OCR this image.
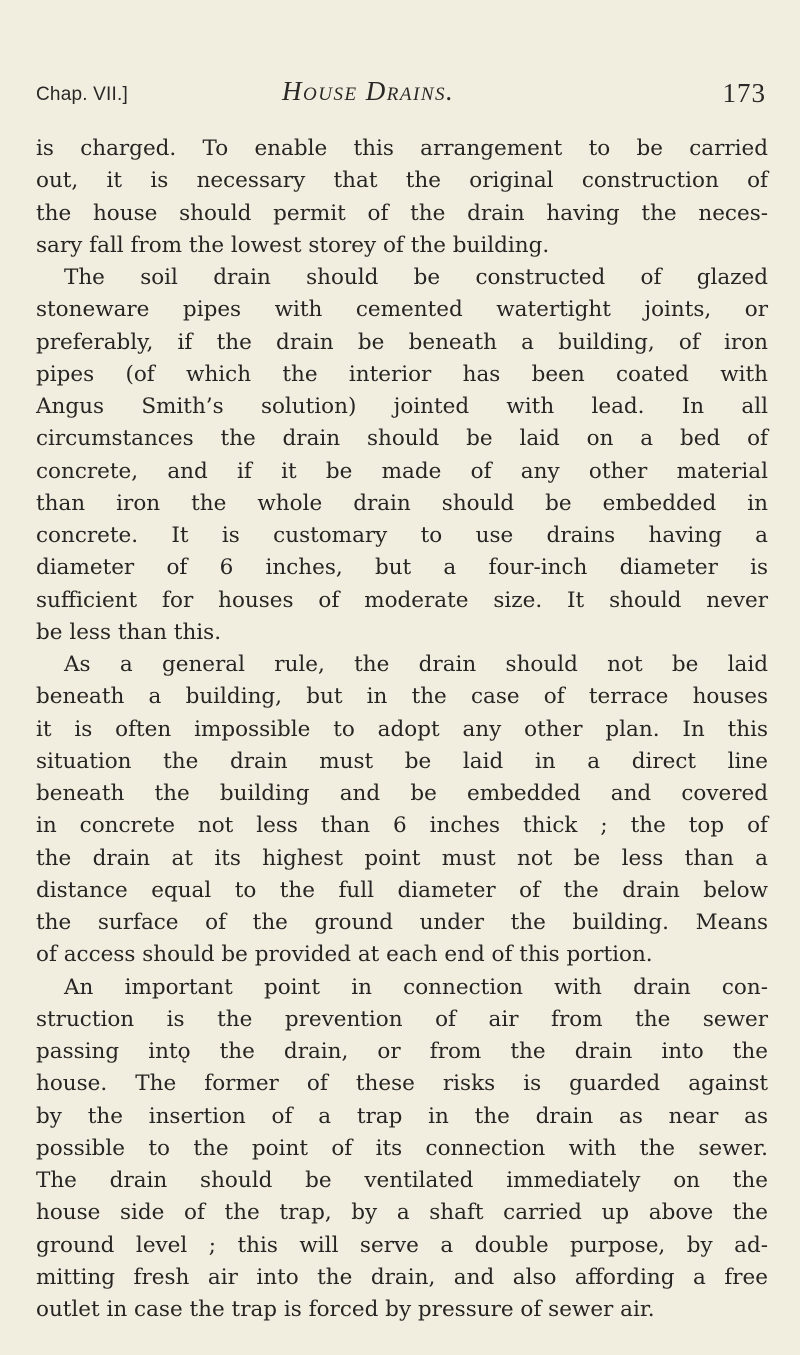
Chap. VII.]	House Drains.	173
is charged. To enable this arrangement to be carried
out, it is necessary that the original construction of
the house should permit of the drain having the neces-
sary fall from the lowest storey of the building.
The soil drain should be constructed of glazed
stoneware pipes with cemented watertight joints, or
preferably, if the drain be beneath a building, of iron
pipes (of which the interior has been coated with
Angus Smith’s solution) jointed with lead. In all
circumstances the drain should be laid on a bed of
concrete, and if it be made of any other material
than iron the whole drain should be embedded in
concrete. It is customary to use drains having a
diameter of 6 inches, but a four-inch diameter is
sufficient for houses of moderate size. It should never
be less than this.
As a general rule, the drain should not be laid
beneath a building, but in the case of terrace houses
it is often impossible to adopt any other plan. In this
situation the drain must be laid in a direct line
beneath the building and be embedded and covered
in concrete not less than 6 inches thick ; the top of
the drain at its highest point must not be less than a
distance equal to the full diameter of the drain below
the surface of the ground under the building. Means
of access should be provided at each end of this portion.
An important point in connection with drain con-
struction is the prevention of air from the sewer
passing intǫ the drain, or from the drain into the
house. The former of these risks is guarded against
by the insertion of a trap in the drain as near as
possible to the point of its connection with the sewer.
The drain should be ventilated immediately on the
house side of the trap, by a shaft carried up above the
ground level ; this will serve a double purpose, by ad-
mitting fresh air into the drain, and also affording a free
outlet in case the trap is forced by pressure of sewer air.
